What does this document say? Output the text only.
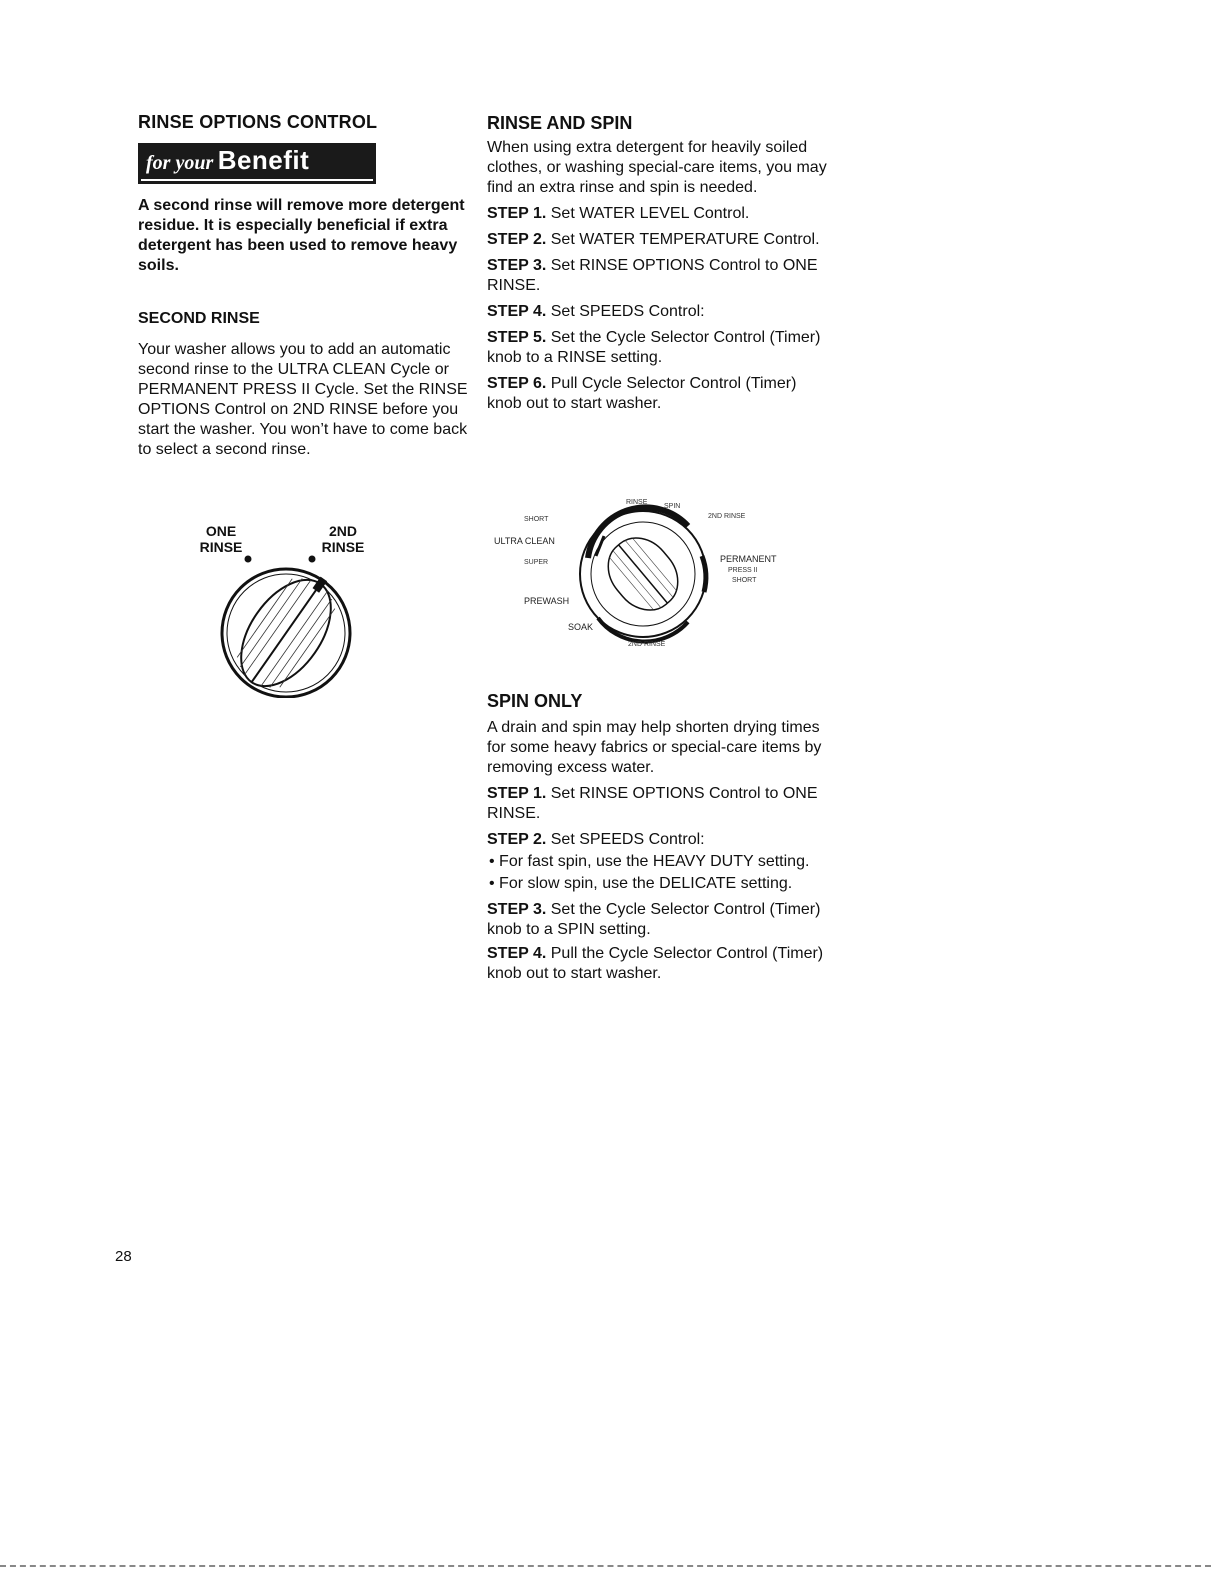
RINSE OPTIONS CONTROL
for your Benefit

A second rinse will remove more detergent residue. It is especially beneficial if extra detergent has been used to remove heavy soils.

SECOND RINSE

Your washer allows you to add an automatic second rinse to the ULTRA CLEAN Cycle or PERMANENT PRESS II Cycle. Set the RINSE OPTIONS Control on 2ND RINSE before you start the washer. You won’t have to come back to select a second rinse.

ONE
RINSE
2ND
RINSE
RINSE AND SPIN

When using extra detergent for heavily soiled clothes, or washing special-care items, you may find an extra rinse and spin is needed.

STEP 1. Set WATER LEVEL Control.

STEP 2. Set WATER TEMPERATURE Control.

STEP 3. Set RINSE OPTIONS Control to ONE RINSE.

STEP 4. Set SPEEDS Control:

STEP 5. Set the Cycle Selector Control (Timer) knob to a RINSE setting.

STEP 6. Pull Cycle Selector Control (Timer) knob out to start washer.

SHORT
ULTRA CLEAN
SUPER
PREWASH
SOAK
PERMANENT
PRESS II
SHORT
2ND RINSE
RINSE
SPIN
2ND RINSE
SPIN ONLY

A drain and spin may help shorten drying times for some heavy fabrics or special-care items by removing excess water.

STEP 1. Set RINSE OPTIONS Control to ONE RINSE.

STEP 2. Set SPEEDS Control:

• For fast spin, use the HEAVY DUTY setting.

• For slow spin, use the DELICATE setting.

STEP 3. Set the Cycle Selector Control (Timer) knob to a SPIN setting.

STEP 4. Pull the Cycle Selector Control (Timer) knob out to start washer.

28
